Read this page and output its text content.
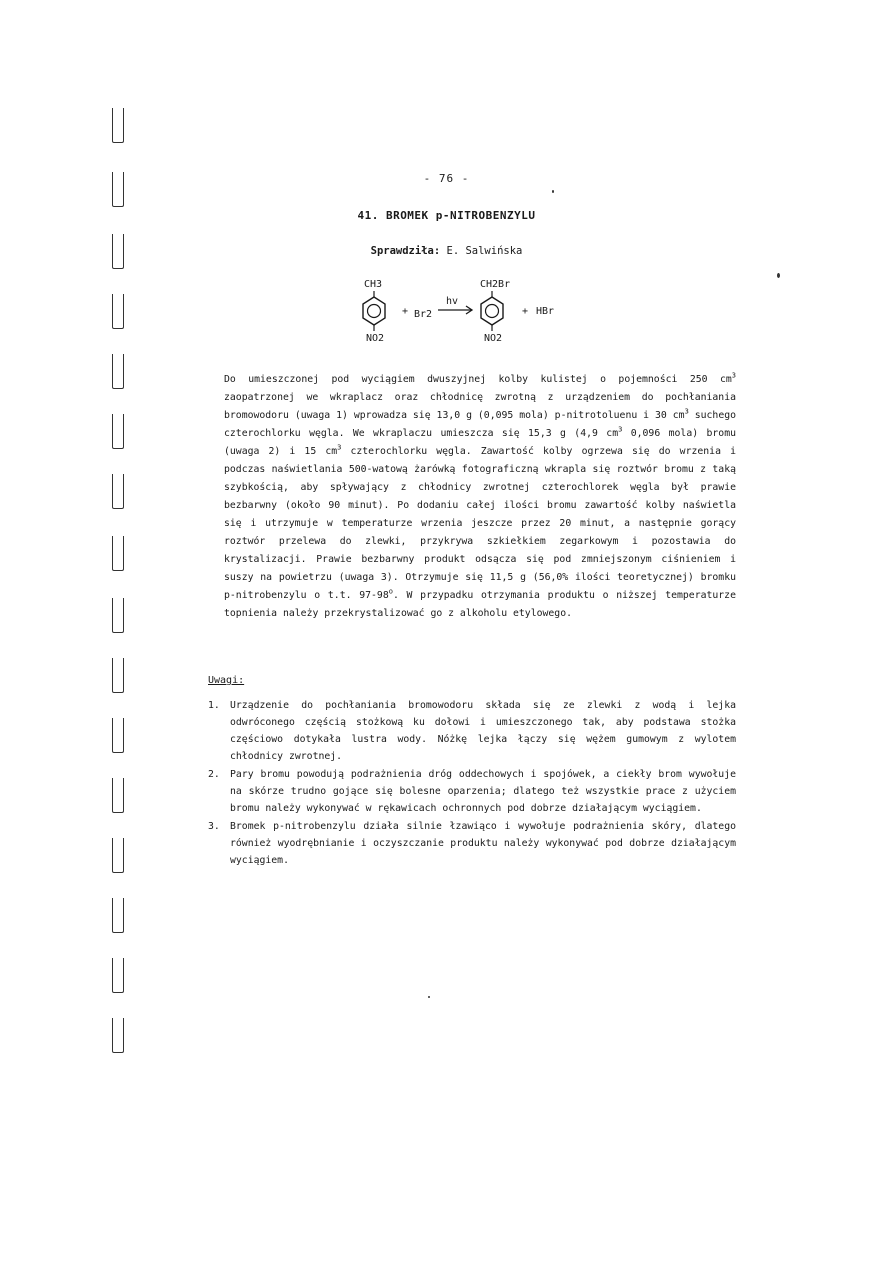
- 76 -
41. BROMEK p-NITROBENZYLU
Sprawdziła: E. Salwińska
CH3
NO2
+ Br2
hv
CH2Br
NO2
+ HBr

Do umieszczonej pod wyciągiem dwuszyjnej kolby kulistej o pojemności 250 $cm^3$ zaopatrzonej we wkraplacz oraz chłodnicę zwrotną z urządzeniem do pochłaniania bromowodoru (uwaga 1) wprowadza się 13,0 g (0,095 mola) p-nitrotoluenu i 30 $cm^3$ suchego czterochlorku węgla. We wkraplaczu umieszcza się 15,3 g (4,9 $cm^3$ 0,096 mola) bromu (uwaga 2) i 15 $cm^3$ czterochlorku węgla. Zawartość kolby ogrzewa się do wrzenia i podczas naświetlania 500-watową żarówką fotograficzną wkrapla się roztwór bromu z taką szybkością, aby spływający z chłodnicy zwrotnej czterochlorek węgla był prawie bezbarwny (około 90 minut). Po dodaniu całej ilości bromu zawartość kolby naświetla się i utrzymuje w temperaturze wrzenia jeszcze przez 20 minut, a następnie gorący roztwór przelewa do zlewki, przykrywa szkiełkiem zegarkowym i pozostawia do krystalizacji. Prawie bezbarwny produkt odsącza się pod zmniejszonym ciśnieniem i suszy na powietrzu (uwaga 3). Otrzymuje się 11,5 g (56,0% ilości teoretycznej) bromku p-nitrobenzylu o t.t. 97-98$^o$. W przypadku otrzymania produktu o niższej temperaturze topnienia należy przekrystalizować go z alkoholu etylowego.

Uwagi:
1. Urządzenie do pochłaniania bromowodoru składa się ze zlewki z wodą i lejka odwróconego częścią stożkową ku dołowi i umieszczonego tak, aby podstawa stożka częściowo dotykała lustra wody. Nóżkę lejka łączy się wężem gumowym z wylotem chłodnicy zwrotnej.
2. Pary bromu powodują podrażnienia dróg oddechowych i spojówek, a ciekły brom wywołuje na skórze trudno gojące się bolesne oparzenia; dlatego też wszystkie prace z użyciem bromu należy wykonywać w rękawicach ochronnych pod dobrze działającym wyciągiem.
3. Bromek p-nitrobenzylu działa silnie łzawiąco i wywołuje podrażnienia skóry, dlatego również wyodrębnianie i oczyszczanie produktu należy wykonywać pod dobrze działającym wyciągiem.
